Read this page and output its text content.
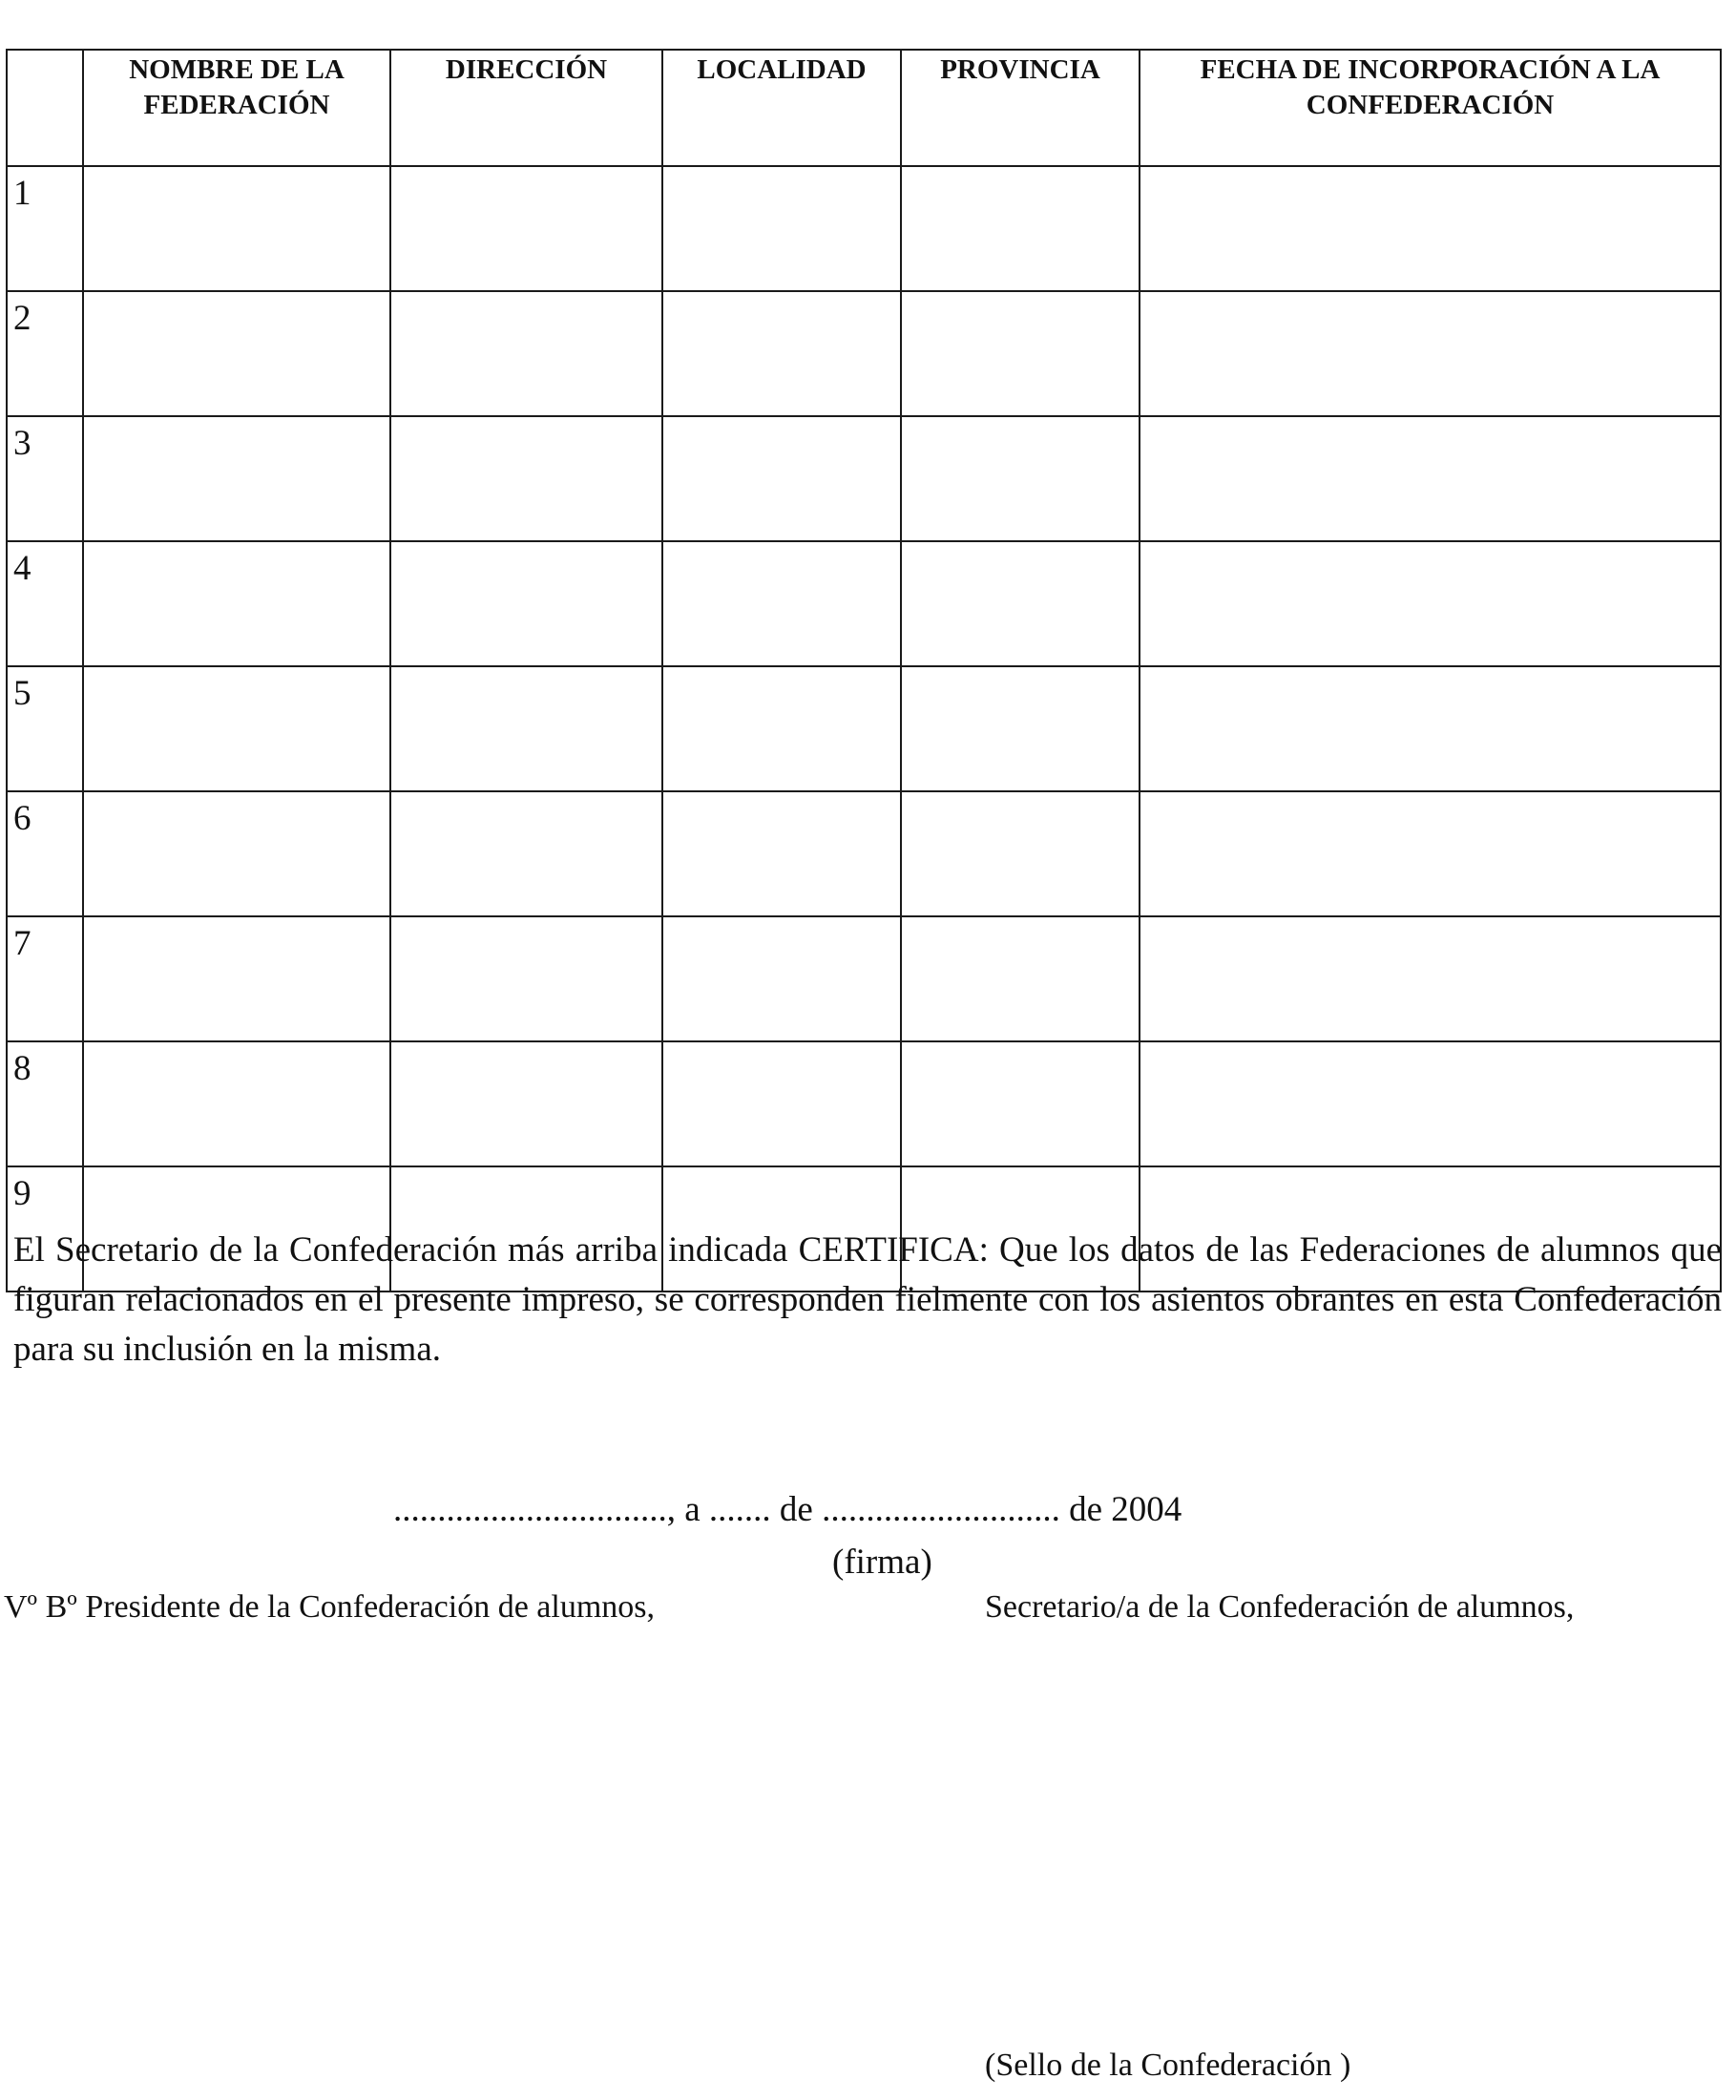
	NOMBRE DE LA FEDERACIÓN	DIRECCIÓN	LOCALIDAD	PROVINCIA	FECHA DE INCORPORACIÓN A LA CONFEDERACIÓN
1					
2					
3					
4					
5					
6					
7					
8					
9					

El Secretario de la Confederación más arriba indicada CERTIFICA: Que los datos de las Federaciones de alumnos que figuran relacionados en el presente impreso, se corresponden fielmente con los asientos obrantes en esta Confederación para su inclusión en la misma.

..............................., a ....... de ........................... de 2004
(firma)
Vº Bº Presidente de la Confederación de alumnos,	Secretario/a de la Confederación de alumnos,
(Sello de la Confederación )
